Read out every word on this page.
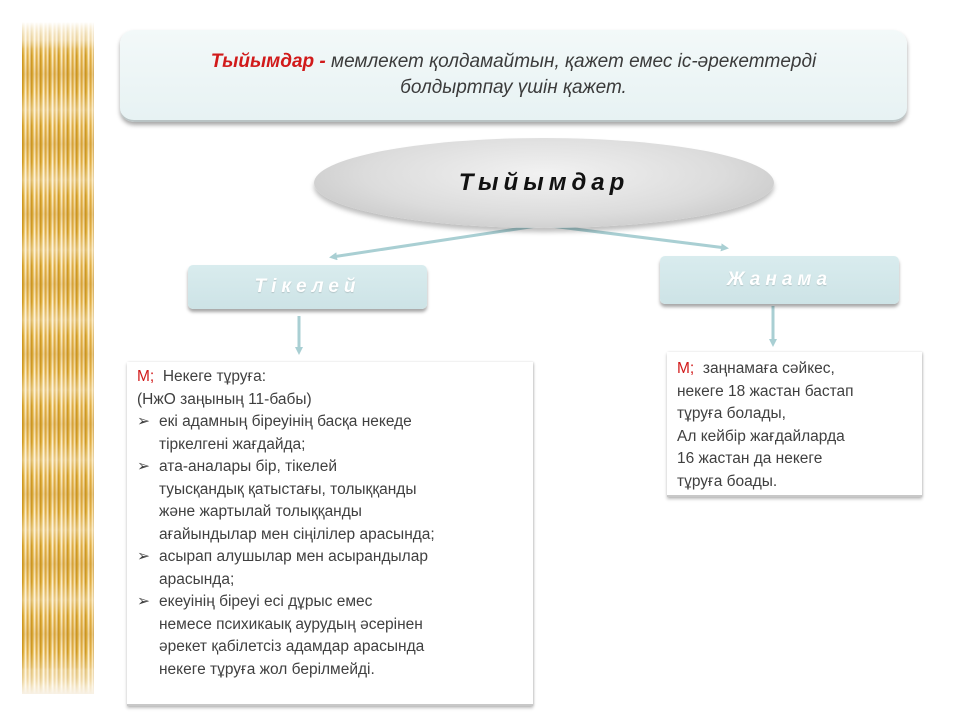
Тыйымдар - мемлекет қолдамайтын, қажет емес іс-әрекеттерді
болдыртпау үшін қажет.
Тыйымдар
Тікелей	Жанама
М; Некеге тұруға:
(НжО заңының 11-бабы)
➢ екі адамның біреуінің басқа некеде
тіркелгені жағдайда;
➢ ата-аналары бір, тікелей
туысқандық қатыстағы, толыққанды
және жартылай толыққанды
ағайындылар мен сіңілілер арасында;
➢ асырап алушылар мен асырандылар
арасында;
➢ екеуінің біреуі есі дұрыс емес
немесе психикаық аурудың әсерінен
әрекет қабілетсіз адамдар арасында
некеге тұруға жол берілмейді.
М; заңнамаға сәйкес,
некеге 18 жастан бастап
тұруға болады,
Ал кейбір жағдайларда
16 жастан да некеге
тұруға боады.
